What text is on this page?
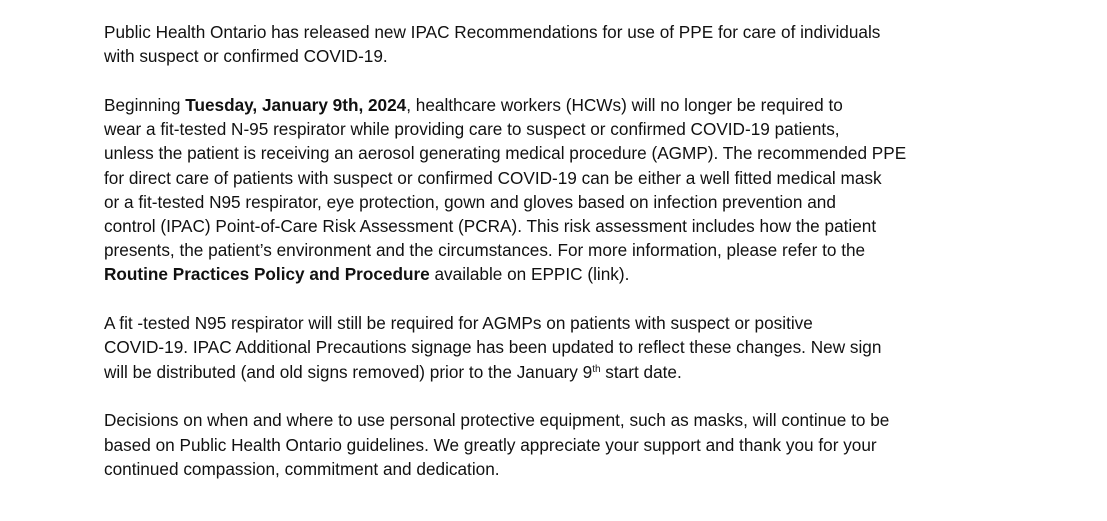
Public Health Ontario has released new IPAC Recommendations for use of PPE for care of individuals
with suspect or confirmed COVID-19.
Beginning Tuesday, January 9th, 2024, healthcare workers (HCWs) will no longer be required to
wear a fit-tested N-95 respirator while providing care to suspect or confirmed COVID-19 patients,
unless the patient is receiving an aerosol generating medical procedure (AGMP). The recommended PPE
for direct care of patients with suspect or confirmed COVID-19 can be either a well fitted medical mask
or a fit-tested N95 respirator, eye protection, gown and gloves based on infection prevention and
control (IPAC) Point-of-Care Risk Assessment (PCRA). This risk assessment includes how the patient
presents, the patient’s environment and the circumstances. For more information, please refer to the
Routine Practices Policy and Procedure available on EPPIC (link).
A fit -tested N95 respirator will still be required for AGMPs on patients with suspect or positive
COVID-19. IPAC Additional Precautions signage has been updated to reflect these changes. New sign
will be distributed (and old signs removed) prior to the January 9th start date.
Decisions on when and where to use personal protective equipment, such as masks, will continue to be
based on Public Health Ontario guidelines. We greatly appreciate your support and thank you for your
continued compassion, commitment and dedication.
